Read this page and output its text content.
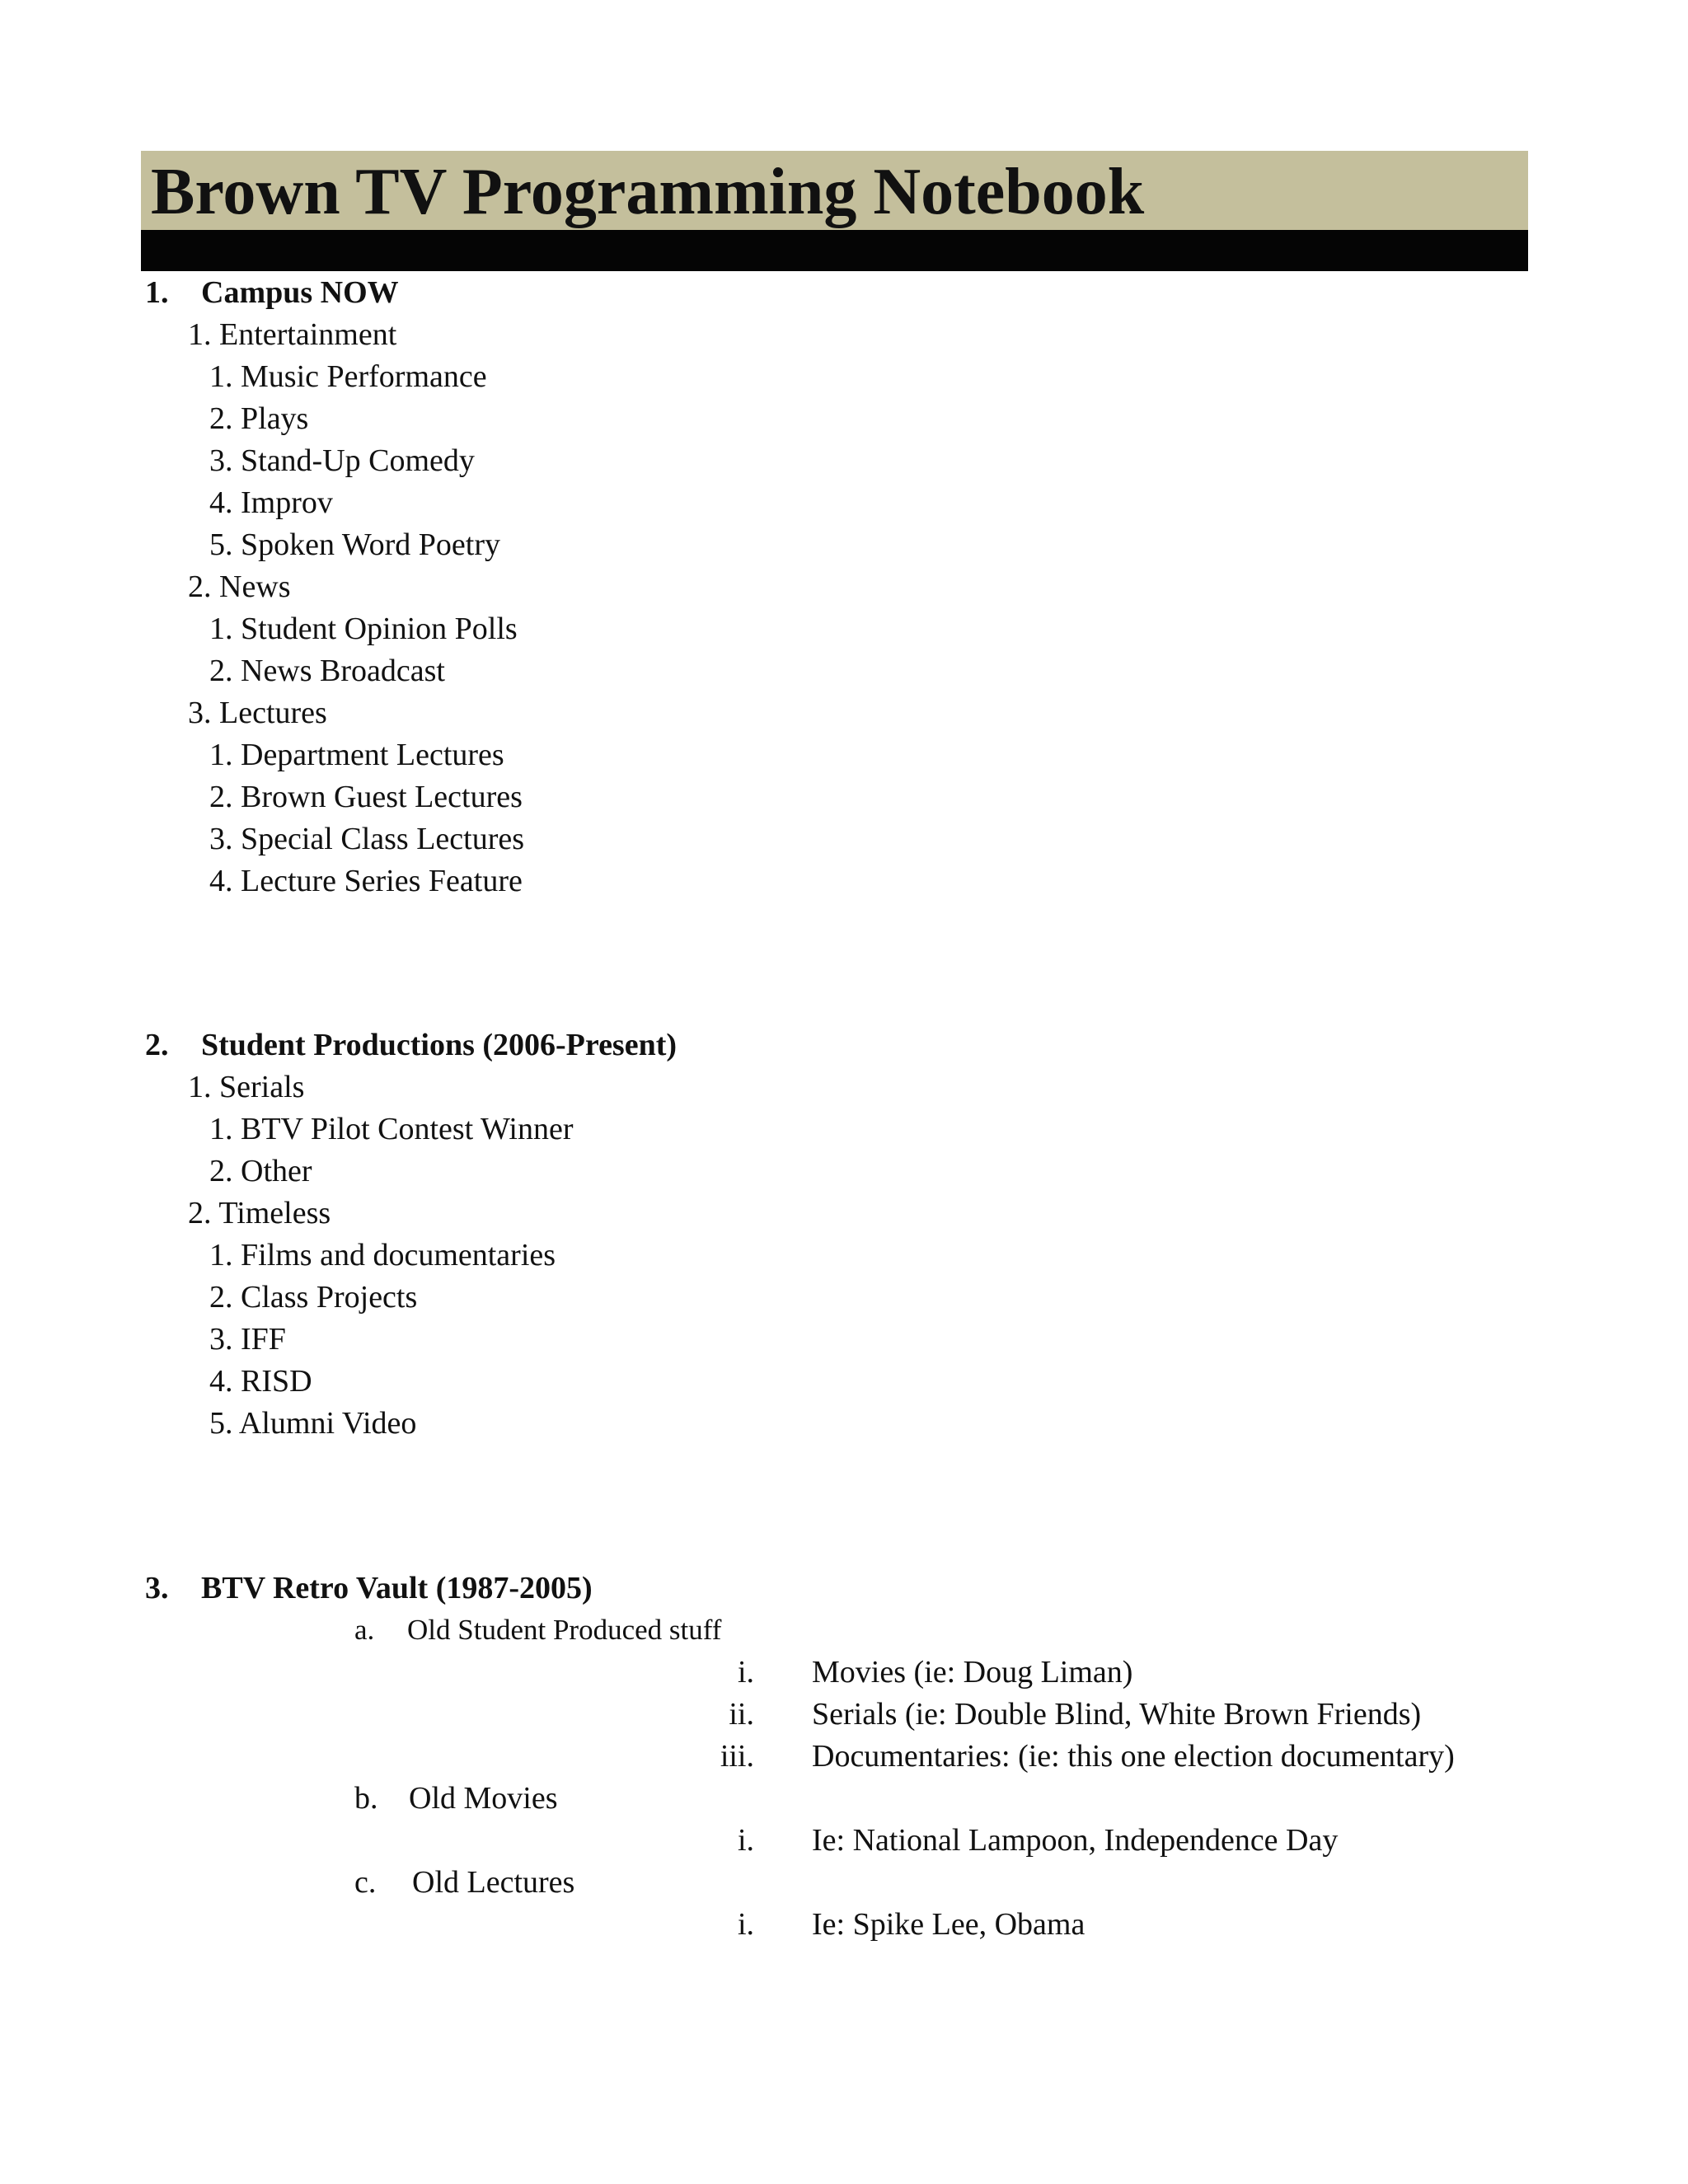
Brown TV Programming Notebook
1. Campus NOW
1. Entertainment
1. Music Performance
2. Plays
3. Stand-Up Comedy
4. Improv
5. Spoken Word Poetry
2. News
1. Student Opinion Polls
2. News Broadcast
3. Lectures
1. Department Lectures
2. Brown Guest Lectures
3. Special Class Lectures
4. Lecture Series Feature
2. Student Productions (2006-Present)
1. Serials
1. BTV Pilot Contest Winner
2. Other
2. Timeless
1. Films and documentaries
2. Class Projects
3. IFF
4. RISD
5. Alumni Video
3. BTV Retro Vault (1987-2005)
a. Old Student Produced stuff
i. Movies (ie: Doug Liman)
ii. Serials (ie: Double Blind, White Brown Friends)
iii. Documentaries: (ie: this one election documentary)
b. Old Movies
i. Ie: National Lampoon, Independence Day
c. Old Lectures
i. Ie: Spike Lee, Obama
